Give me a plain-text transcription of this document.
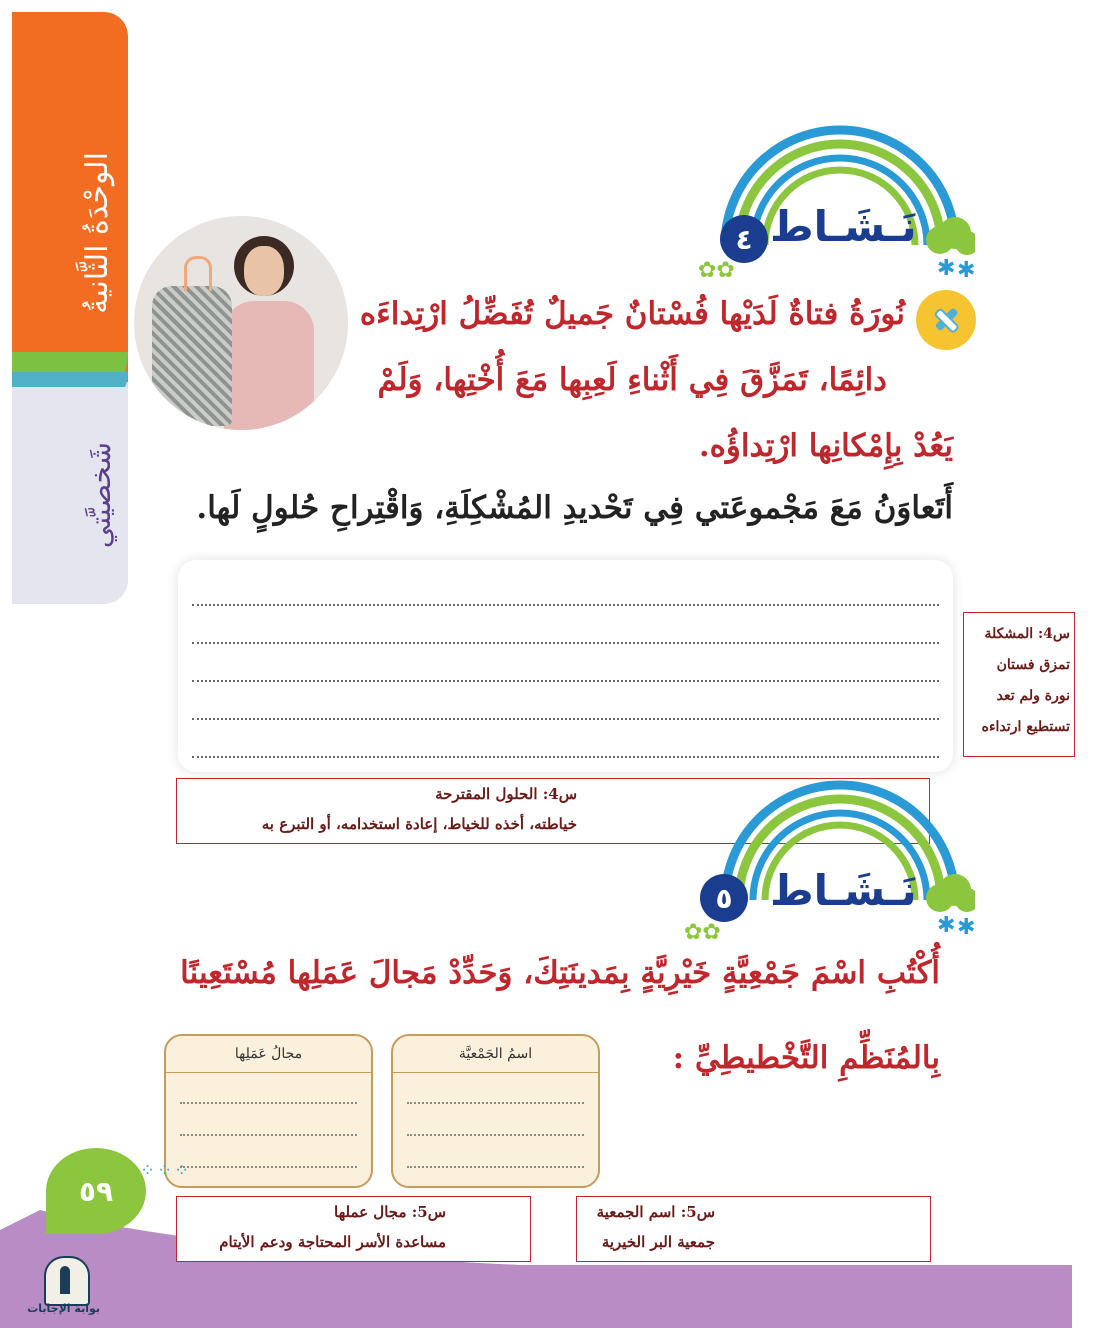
الوحْدَةُ الثَّانيةُ
شَخصيَّتي
✱ ✱
نَـشَـاط
٤
✿✿
نُورَةُ فتاةٌ لَدَيْها فُسْتانٌ جَميلٌ تُفَضِّلُ ارْتِداءَه
دائِمًا، تَمَزَّقَ فِي أَثْناءِ لَعِبِها مَعَ أُخْتِها، وَلَمْ
يَعُدْ بِإِمْكانِها ارْتِداؤُه.
أَتَعاوَنُ مَعَ مَجْموعَتي فِي تَحْديدِ المُشْكِلَةِ، وَاقْتِراحِ حُلولٍ لَها.
س4: المشكلة
تمزق فستان
نورة ولم تعد
تستطيع ارتداءه
س4: الحلول المقترحة
خياطته، أخذه للخياط، إعادة استخدامه، أو التبرع به
✱ ✱
نَـشَـاط
٥
✿✿
أُكْتُبِ اسْمَ جَمْعِيَّةٍ خَيْرِيَّةٍ بِمَدينَتِكَ، وَحَدِّدْ مَجالَ عَمَلِها مُسْتَعِينًا
بِالمُنَظِّمِ التَّخْطيطِيِّ :
اسمُ الجَمْعيَّة
مجالُ عَمَلِها
٥٩
⁘⁘⁘
س5: مجال عملها
مساعدة الأسر المحتاجة ودعم الأيتام
س5: اسم الجمعية
جمعية البر الخيرية
بوابة الإجابات
